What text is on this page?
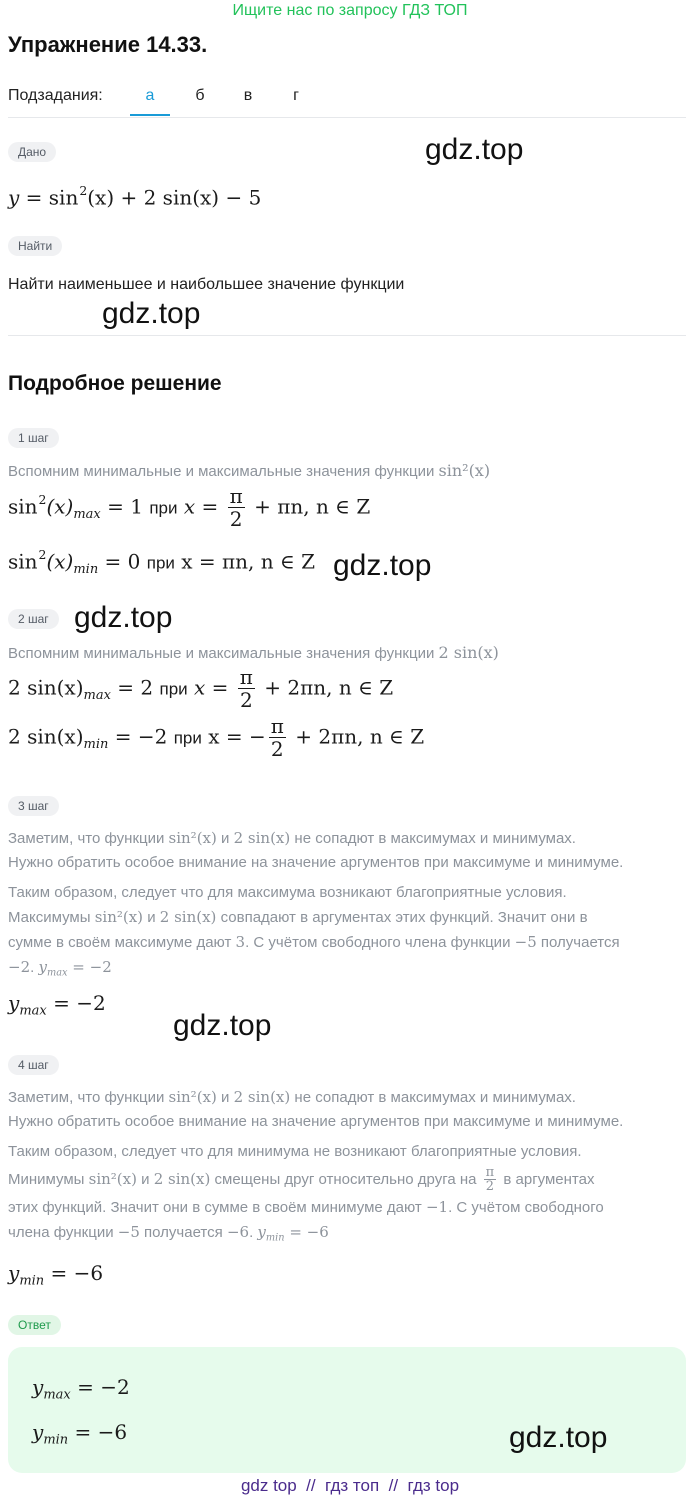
Ищите нас по запросу ГДЗ ТОП
Упражнение 14.33.
Подзадания:	а	б	в	г
Дано
$y = \sin^2(x) + 2$ sin(x) − 5
gdz.top
Найти
Найти наименьшее и наибольшее значение функции
gdz.top
Подробное решение
1 шаг
Вспомним минимальные и максимальные значения функции sin²(x)
$\sin^2(x)_{max} = 1$ при $x = \frac{\pi}{2} + \pi n$, n ∈ Z
$\sin^2(x)_{min} = 0$ при x = πn, n ∈ Z gdz.top
2 шаг gdz.top
Вспомним минимальные и максимальные значения функции 2 sin(x)
2 $\sin(x)_{max} = 2$ при $x = \frac{\pi}{2} + 2\pi n$, n ∈ Z
2 $\sin(x)_{min} = -2$ при x = − $\frac{\pi}{2} + 2\pi n$, n ∈ Z
3 шаг
Заметим, что функции sin²(x) и 2 sin(x) не сопадют в максимумах и минимумах.
Нужно обратить особое внимание на значение аргументов при максимуме и минимуме.
Таким образом, следует что для максимума возникают благоприятные условия.
Максимумы sin²(x) и 2 sin(x) совпадают в аргументах этих функций. Значит они в
сумме в своём максимуме дают 3. С учётом свободного члена функции −5 получается
−2. $y_{max} = -2$
$y_{max} = -2$
gdz.top
4 шаг
Заметим, что функции sin²(x) и 2 sin(x) не сопадют в максимумах и минимумах.
Нужно обратить особое внимание на значение аргументов при максимуме и минимуме.
Таким образом, следует что для минимума не возникают благоприятные условия.
Минимумы sin²(x) и 2 sin(x) смещены друг относительно друга на $\frac{\pi}{2}$ в аргументах
этих функций. Значит они в сумме в своём минимуме дают −1. С учётом свободного
члена функции −5 получается −6. $y_{min} = -6$
$y_{min} = -6$
Ответ
$y_{max} = -2$
$y_{min} = -6$	gdz.top
gdz top  //  гдз топ  //  гдз top
